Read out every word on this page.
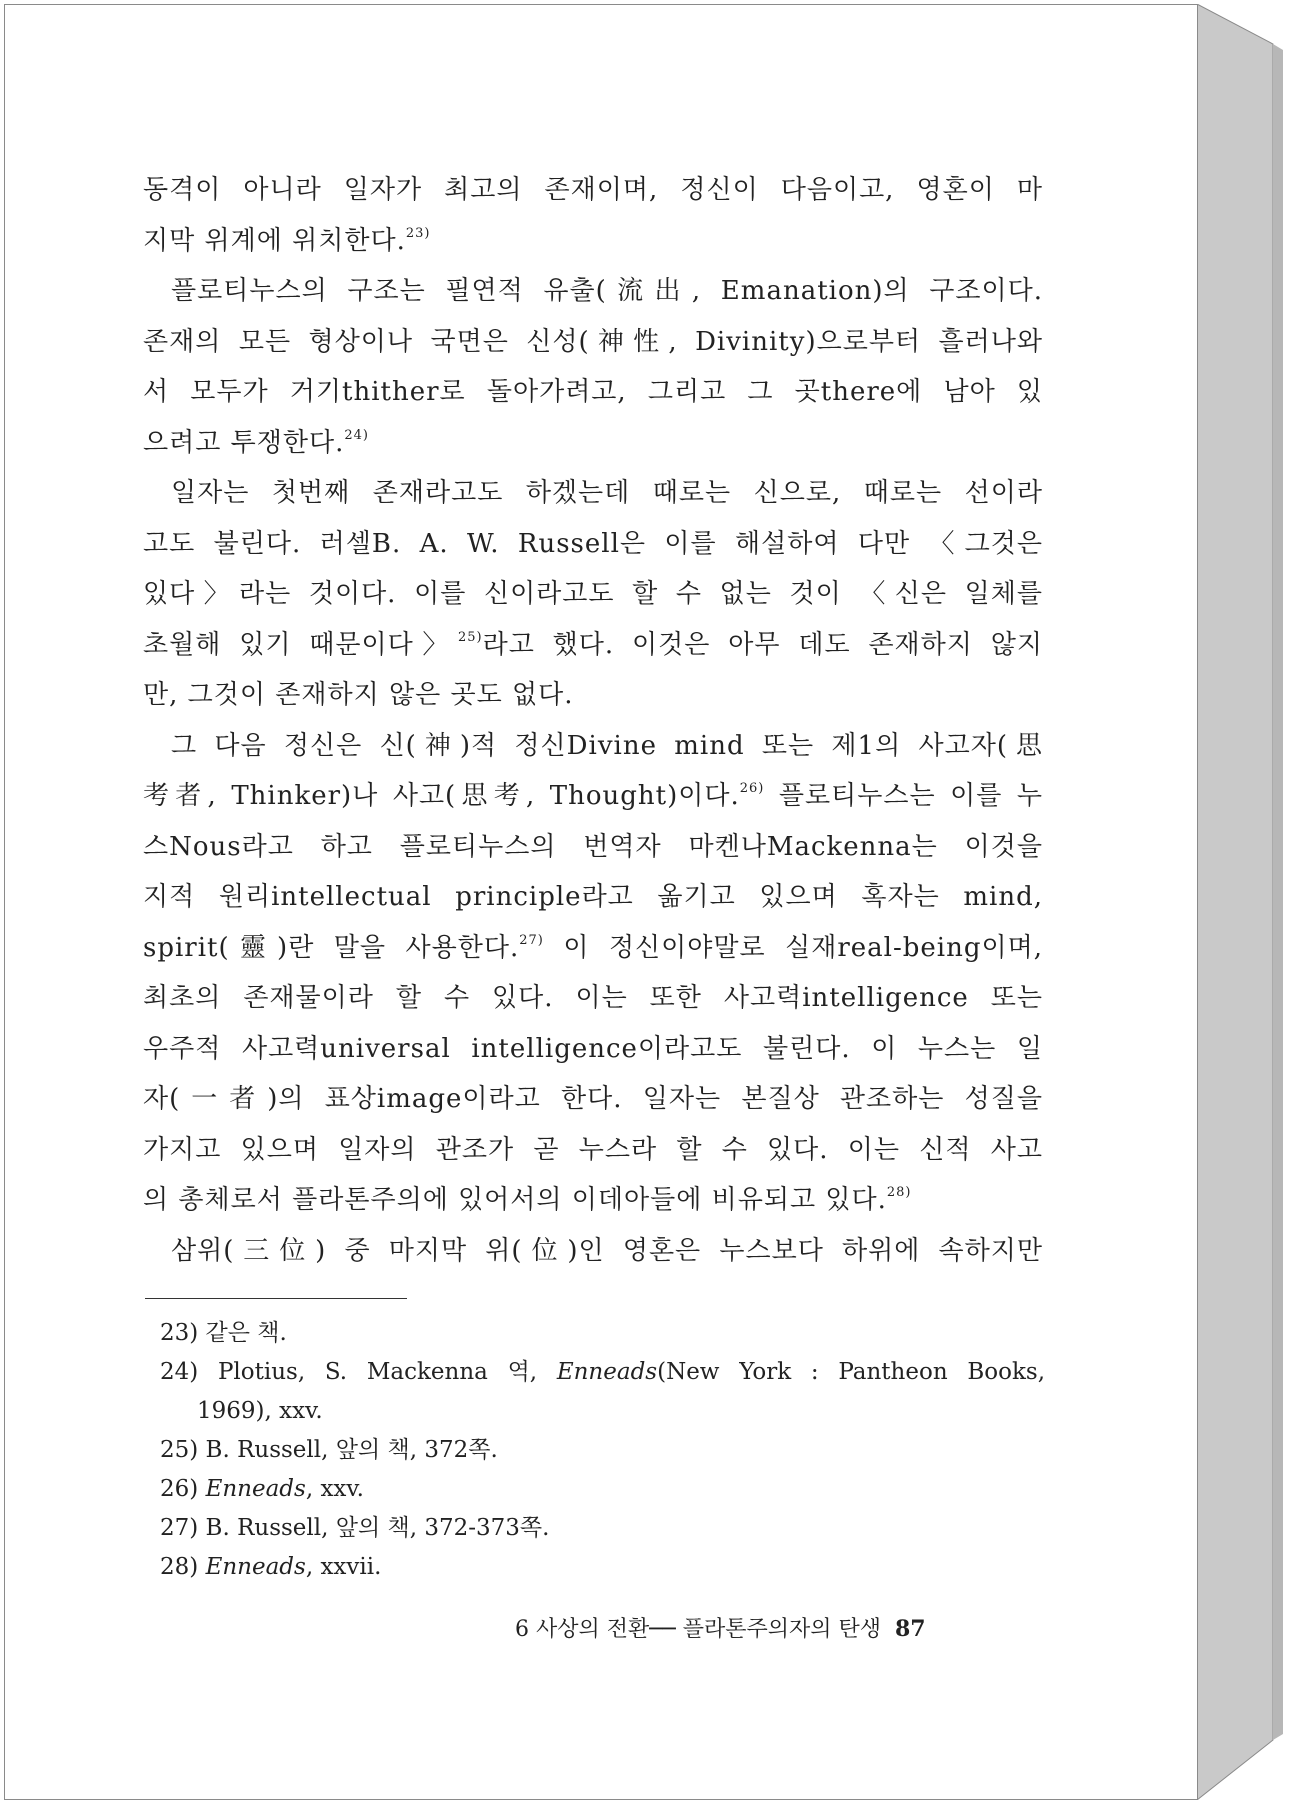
동격이 아니라 일자가 최고의 존재이며, 정신이 다음이고, 영혼이 마

지막 위계에 위치한다.$^{23)}$

플로티누스의 구조는 필연적 유출(流出, Emanation)의 구조이다.

존재의 모든 형상이나 국면은 신성(神性, Divinity)으로부터 흘러나와

서 모두가 거기thither로 돌아가려고, 그리고 그 곳there에 남아 있

으려고 투쟁한다.$^{24)}$

일자는 첫번째 존재라고도 하겠는데 때로는 신으로, 때로는 선이라

고도 불린다. 러셀B. A. W. Russell은 이를 해설하여 다만 〈그것은

있다〉라는 것이다. 이를 신이라고도 할 수 없는 것이 〈신은 일체를

초월해 있기 때문이다〉$^{25)}$라고 했다. 이것은 아무 데도 존재하지 않지

만, 그것이 존재하지 않은 곳도 없다.

그 다음 정신은 신(神)적 정신Divine mind 또는 제1의 사고자(思

考者, Thinker)나 사고(思考, Thought)이다.$^{26)}$ 플로티누스는 이를 누

스Nous라고 하고 플로티누스의 번역자 마켄나Mackenna는 이것을

지적 원리intellectual principle라고 옮기고 있으며 혹자는 mind,

spirit(靈)란 말을 사용한다.$^{27)}$ 이 정신이야말로 실재real-being이며,

최초의 존재물이라 할 수 있다. 이는 또한 사고력intelligence 또는

우주적 사고력universal intelligence이라고도 불린다. 이 누스는 일

자(一者)의 표상image이라고 한다. 일자는 본질상 관조하는 성질을

가지고 있으며 일자의 관조가 곧 누스라 할 수 있다. 이는 신적 사고

의 총체로서 플라톤주의에 있어서의 이데아들에 비유되고 있다.$^{28)}$

삼위(三位) 중 마지막 위(位)인 영혼은 누스보다 하위에 속하지만

23) 같은 책.
24) Plotius, S. Mackenna 역, Enneads(New York : Pantheon Books,
1969), xxv.
25) B. Russell, 앞의 책, 372쪽.
26) Enneads, xxv.
27) B. Russell, 앞의 책, 372-373쪽.
28) Enneads, xxvii.
6 사상의 전환── 플라톤주의자의 탄생 87
